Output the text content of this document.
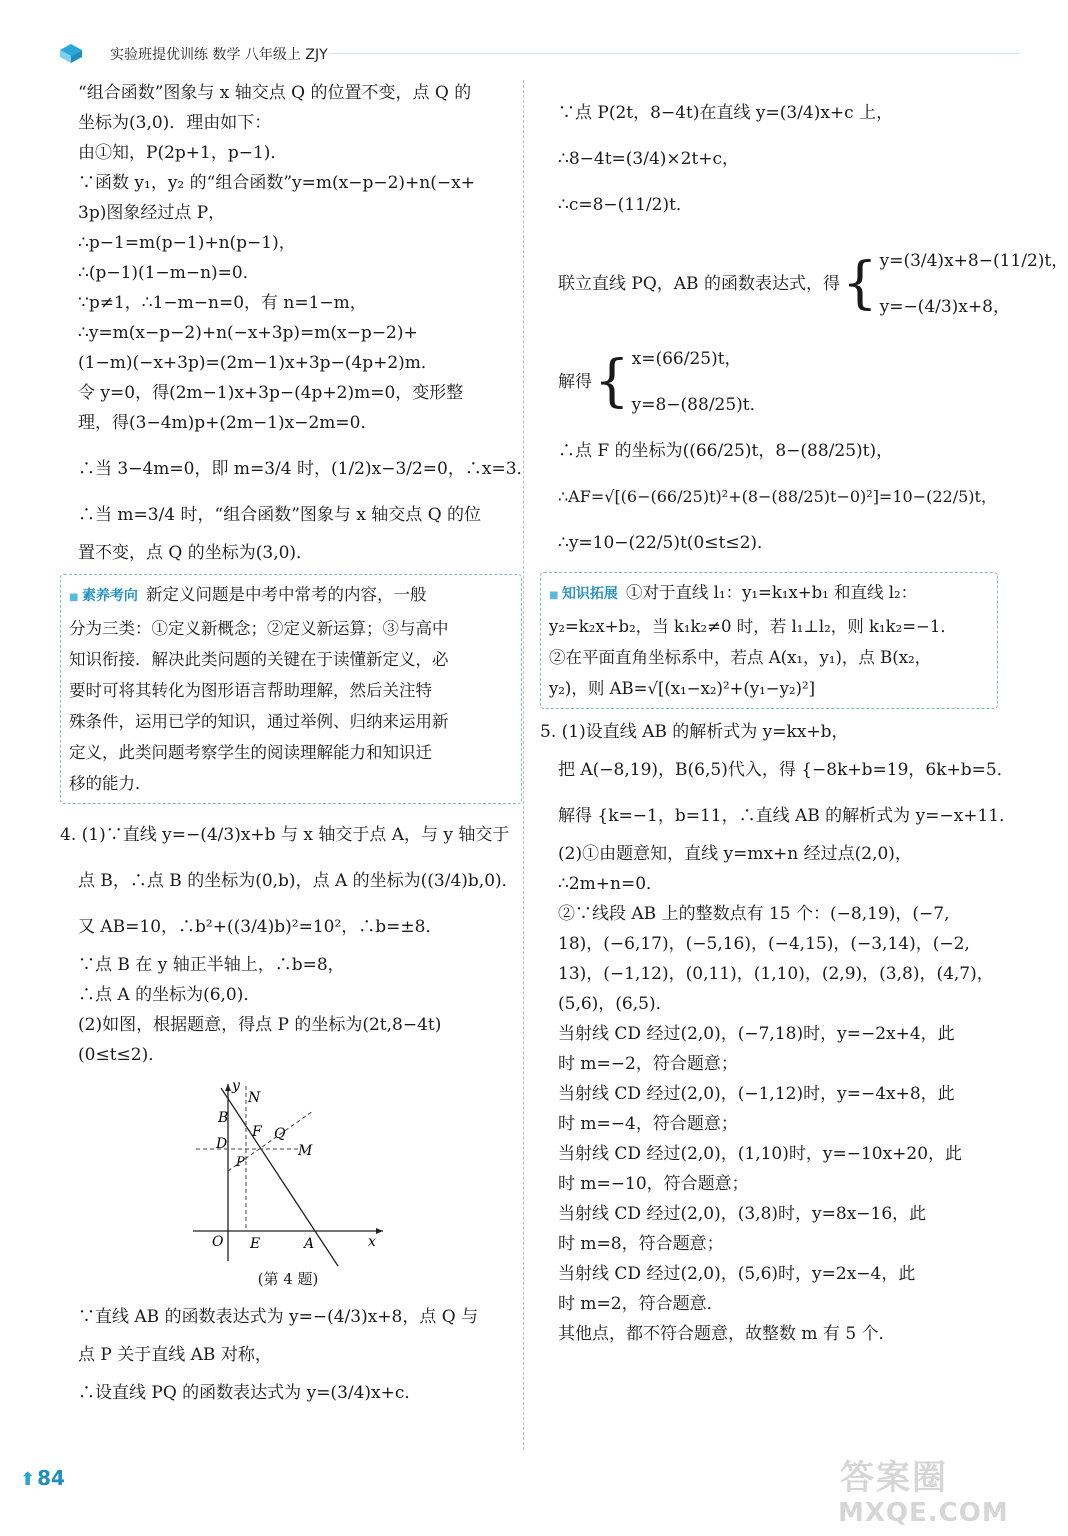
实验班提优训练 数学 八年级上 ZJY
“组合函数”图象与 x 轴交点 Q 的位置不变，点 Q 的
坐标为(3,0)．理由如下：
由①知，P(2p+1，p−1)．
∵函数 y₁，y₂ 的“组合函数”y=m(x−p−2)+n(−x+
3p)图象经过点 P，
∴p−1=m(p−1)+n(p−1)，
∴(p−1)(1−m−n)=0．
∵p≠1，∴1−m−n=0，有 n=1−m，
∴y=m(x−p−2)+n(−x+3p)=m(x−p−2)+
(1−m)(−x+3p)=(2m−1)x+3p−(4p+2)m．
令 y=0，得(2m−1)x+3p−(4p+2)m=0，变形整
理，得(3−4m)p+(2m−1)x−2m=0．
∴当 3−4m=0，即 m=3/4 时，(1/2)x−3/2=0，∴x=3．
∴当 m=3/4 时，“组合函数”图象与 x 轴交点 Q 的位
置不变，点 Q 的坐标为(3,0)．
■ 素养考向 新定义问题是中考中常考的内容，一般
分为三类：①定义新概念；②定义新运算；③与高中
知识衔接．解决此类问题的关键在于读懂新定义，必
要时可将其转化为图形语言帮助理解，然后关注特
殊条件，运用已学的知识，通过举例、归纳来运用新
定义，此类问题考察学生的阅读理解能力和知识迁
移的能力．
4. (1)∵直线 y=−(4/3)x+b 与 x 轴交于点 A，与 y 轴交于
点 B，∴点 B 的坐标为(0,b)，点 A 的坐标为((3/4)b,0)．
又 AB=10，∴b²+((3/4)b)²=10²，∴b=±8．
∵点 B 在 y 轴正半轴上，∴b=8，
∴点 A 的坐标为(6,0)．
(2)如图，根据题意，得点 P 的坐标为(2t,8−4t)
(0≤t≤2)．
y
N
B
F Q
D	M
P
O E	A	x
(第 4 题)
∵直线 AB 的函数表达式为 y=−(4/3)x+8，点 Q 与
点 P 关于直线 AB 对称，
∴设直线 PQ 的函数表达式为 y=(3/4)x+c．
∵点 P(2t，8−4t)在直线 y=(3/4)x+c 上，
∴8−4t=(3/4)×2t+c，
∴c=8−(11/2)t．
联立直线 PQ，AB 的函数表达式，得 { y=(3/4)x+8−(11/2)t，
y=−(4/3)x+8，
解得 { x=(66/25)t，
y=8−(88/25)t．
∴点 F 的坐标为((66/25)t，8−(88/25)t)，
∴AF=√[(6−(66/25)t)²+(8−(88/25)t−0)²]=10−(22/5)t，
∴y=10−(22/5)t(0≤t≤2)．
■ 知识拓展 ①对于直线 l₁：y₁=k₁x+b₁ 和直线 l₂：
y₂=k₂x+b₂，当 k₁k₂≠0 时，若 l₁⊥l₂，则 k₁k₂=−1．
②在平面直角坐标系中，若点 A(x₁，y₁)，点 B(x₂，
y₂)，则 AB=√[(x₁−x₂)²+(y₁−y₂)²]
5. (1)设直线 AB 的解析式为 y=kx+b，
把 A(−8,19)，B(6,5)代入，得 {−8k+b=19，6k+b=5．
解得 {k=−1，b=11，∴直线 AB 的解析式为 y=−x+11．
(2)①由题意知，直线 y=mx+n 经过点(2,0)，
∴2m+n=0．
②∵线段 AB 上的整数点有 15 个：(−8,19)，(−7,
18)，(−6,17)，(−5,16)，(−4,15)，(−3,14)，(−2,
13)，(−1,12)，(0,11)，(1,10)，(2,9)，(3,8)，(4,7)，
(5,6)，(6,5)．
当射线 CD 经过(2,0)，(−7,18)时，y=−2x+4，此
时 m=−2，符合题意；
当射线 CD 经过(2,0)，(−1,12)时，y=−4x+8，此
时 m=−4，符合题意；
当射线 CD 经过(2,0)，(1,10)时，y=−10x+20，此
时 m=−10，符合题意；
当射线 CD 经过(2,0)，(3,8)时，y=8x−16，此
时 m=8，符合题意；
当射线 CD 经过(2,0)，(5,6)时，y=2x−4，此
时 m=2，符合题意．
其他点，都不符合题意，故整数 m 有 5 个．
⬆ 84	答案圈
MXQE.COM
